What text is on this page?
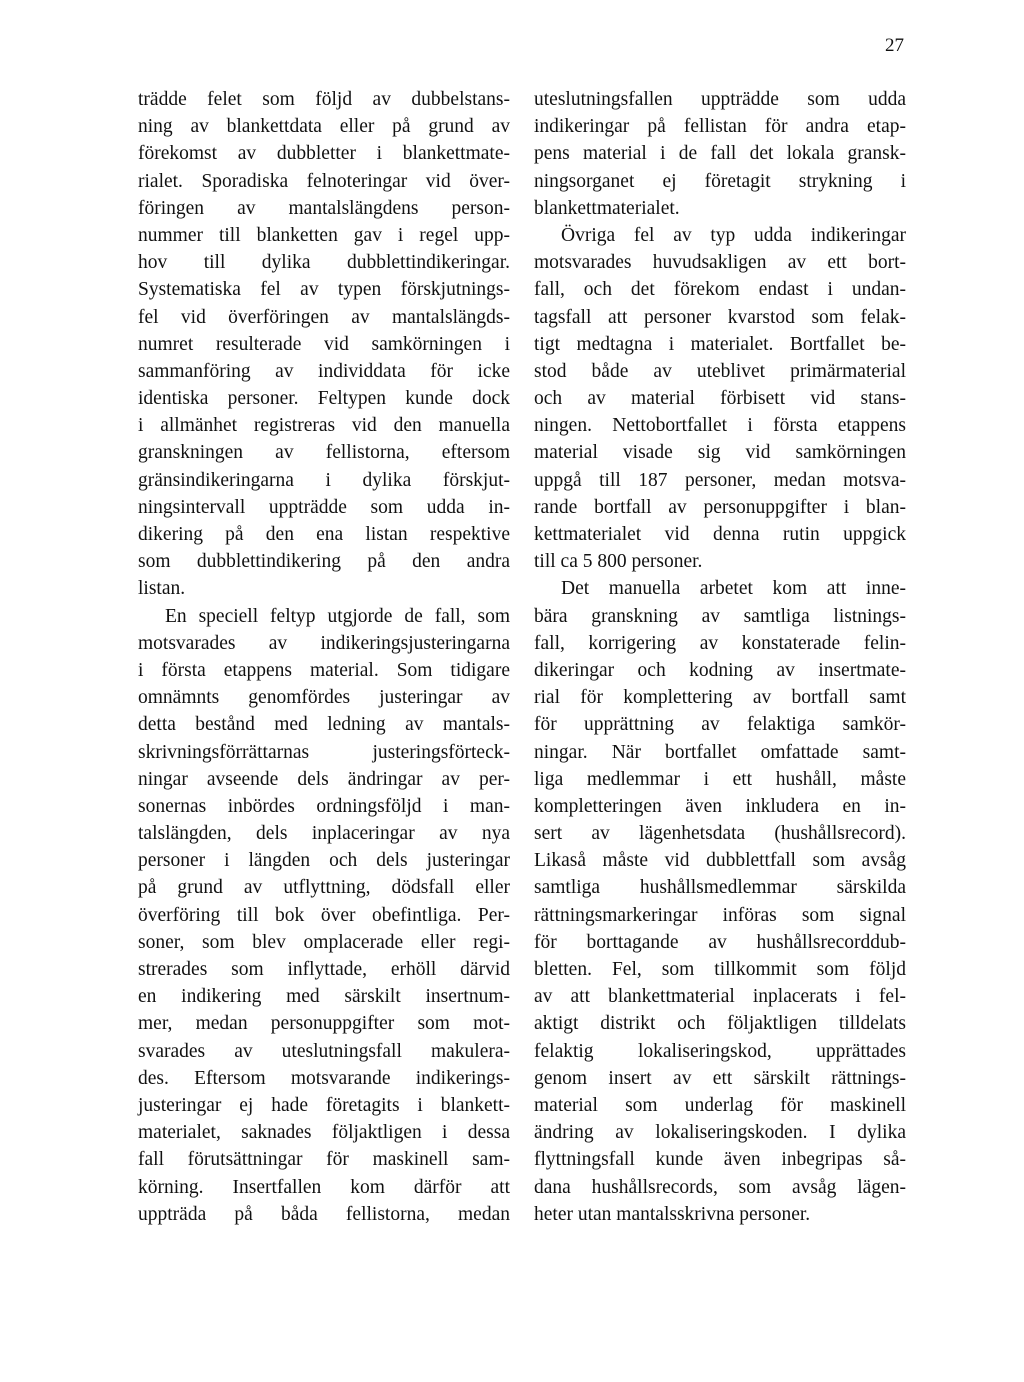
27
trädde felet som följd av dubbelstans-
ning av blankettdata eller på grund av
förekomst av dubbletter i blankettmate-
rialet. Sporadiska felnoteringar vid över-
föringen av mantalslängdens person-
nummer till blanketten gav i regel upp-
hov till dylika dubblettindikeringar.
Systematiska fel av typen förskjutnings-
fel vid överföringen av mantalslängds-
numret resulterade vid samkörningen i
sammanföring av individdata för icke
identiska personer. Feltypen kunde dock
i allmänhet registreras vid den manuella
granskningen av fellistorna, eftersom
gränsindikeringarna i dylika förskjut-
ningsintervall uppträdde som udda in-
dikering på den ena listan respektive
som dubblettindikering på den andra
listan.
En speciell feltyp utgjorde de fall, som
motsvarades av indikeringsjusteringarna
i första etappens material. Som tidigare
omnämnts genomfördes justeringar av
detta bestånd med ledning av mantals-
skrivningsförrättarnas justeringsförteck-
ningar avseende dels ändringar av per-
sonernas inbördes ordningsföljd i man-
talslängden, dels inplaceringar av nya
personer i längden och dels justeringar
på grund av utflyttning, dödsfall eller
överföring till bok över obefintliga. Per-
soner, som blev omplacerade eller regi-
strerades som inflyttade, erhöll därvid
en indikering med särskilt insertnum-
mer, medan personuppgifter som mot-
svarades av uteslutningsfall makulera-
des. Eftersom motsvarande indikerings-
justeringar ej hade företagits i blankett-
materialet, saknades följaktligen i dessa
fall förutsättningar för maskinell sam-
körning. Insertfallen kom därför att
uppträda på båda fellistorna, medan
uteslutningsfallen uppträdde som udda
indikeringar på fellistan för andra etap-
pens material i de fall det lokala gransk-
ningsorganet ej företagit strykning i
blankettmaterialet.
Övriga fel av typ udda indikeringar
motsvarades huvudsakligen av ett bort-
fall, och det förekom endast i undan-
tagsfall att personer kvarstod som felak-
tigt medtagna i materialet. Bortfallet be-
stod både av uteblivet primärmaterial
och av material förbisett vid stans-
ningen. Nettobortfallet i första etappens
material visade sig vid samkörningen
uppgå till 187 personer, medan motsva-
rande bortfall av personuppgifter i blan-
kettmaterialet vid denna rutin uppgick
till ca 5 800 personer.
Det manuella arbetet kom att inne-
bära granskning av samtliga listnings-
fall, korrigering av konstaterade felin-
dikeringar och kodning av insertmate-
rial för komplettering av bortfall samt
för upprättning av felaktiga samkör-
ningar. När bortfallet omfattade samt-
liga medlemmar i ett hushåll, måste
kompletteringen även inkludera en in-
sert av lägenhetsdata (hushållsrecord).
Likaså måste vid dubblettfall som avsåg
samtliga hushållsmedlemmar särskilda
rättningsmarkeringar införas som signal
för borttagande av hushållsrecorddub-
bletten. Fel, som tillkommit som följd
av att blankettmaterial inplacerats i fel-
aktigt distrikt och följaktligen tilldelats
felaktig lokaliseringskod, upprättades
genom insert av ett särskilt rättnings-
material som underlag för maskinell
ändring av lokaliseringskoden. I dylika
flyttningsfall kunde även inbegripas så-
dana hushållsrecords, som avsåg lägen-
heter utan mantalsskrivna personer.
